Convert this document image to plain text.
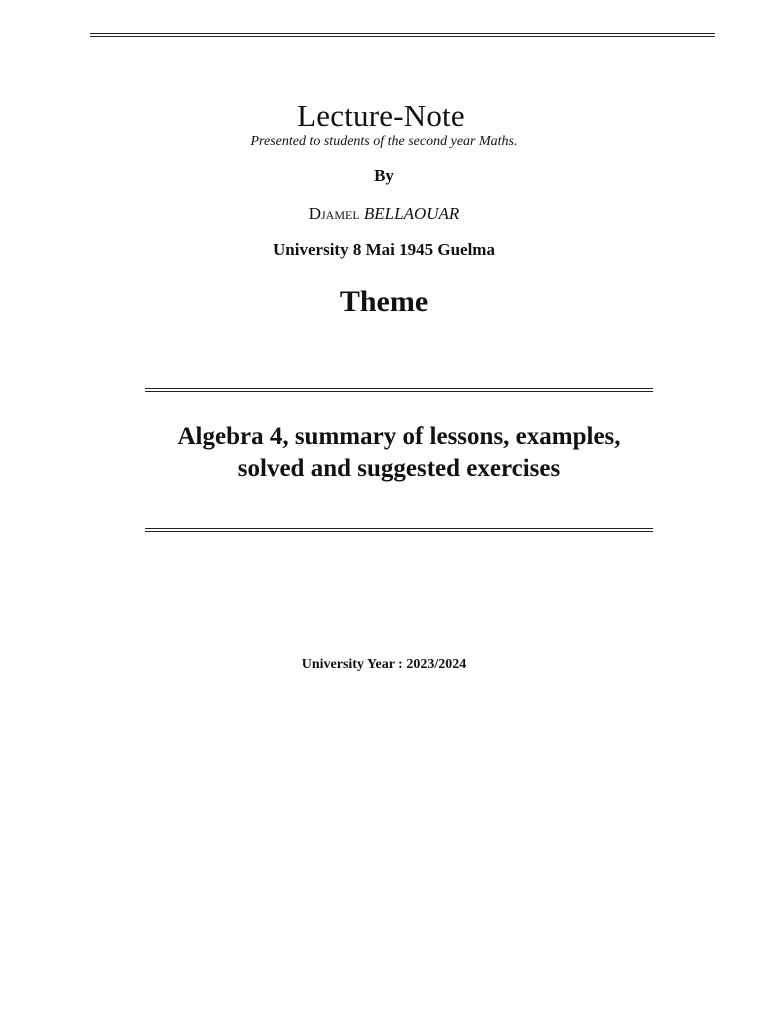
Lecture-Note
Presented to students of the second year Maths.
By
Djamel BELLAOUAR
University 8 Mai 1945 Guelma
Theme
Algebra 4, summary of lessons, examples, solved and suggested exercises
University Year : 2023/2024
